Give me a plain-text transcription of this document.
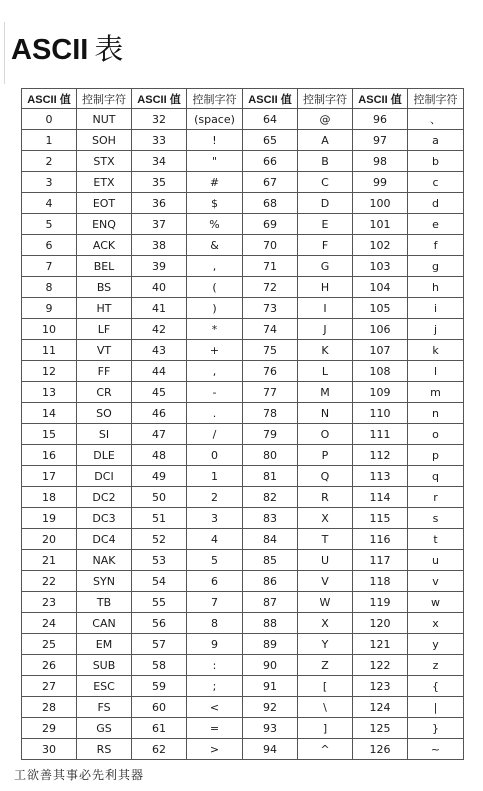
ASCII 表
ASCII 值	控制字符	ASCII 值	控制字符	ASCII 值	控制字符	ASCII 值	控制字符
0	NUT	32	(space)	64	@	96	、
1	SOH	33	!	65	A	97	a
2	STX	34	"	66	B	98	b
3	ETX	35	#	67	C	99	c
4	EOT	36	$	68	D	100	d
5	ENQ	37	%	69	E	101	e
6	ACK	38	&	70	F	102	f
7	BEL	39	,	71	G	103	g
8	BS	40	(	72	H	104	h
9	HT	41	)	73	I	105	i
10	LF	42	*	74	J	106	j
11	VT	43	+	75	K	107	k
12	FF	44	,	76	L	108	l
13	CR	45	-	77	M	109	m
14	SO	46	.	78	N	110	n
15	SI	47	/	79	O	111	o
16	DLE	48	0	80	P	112	p
17	DCI	49	1	81	Q	113	q
18	DC2	50	2	82	R	114	r
19	DC3	51	3	83	X	115	s
20	DC4	52	4	84	T	116	t
21	NAK	53	5	85	U	117	u
22	SYN	54	6	86	V	118	v
23	TB	55	7	87	W	119	w
24	CAN	56	8	88	X	120	x
25	EM	57	9	89	Y	121	y
26	SUB	58	:	90	Z	122	z
27	ESC	59	;	91	[	123	{
28	FS	60	<	92	\	124	|
29	GS	61	=	93	]	125	}
30	RS	62	>	94	^	126	~

工欲善其事必先利其器
